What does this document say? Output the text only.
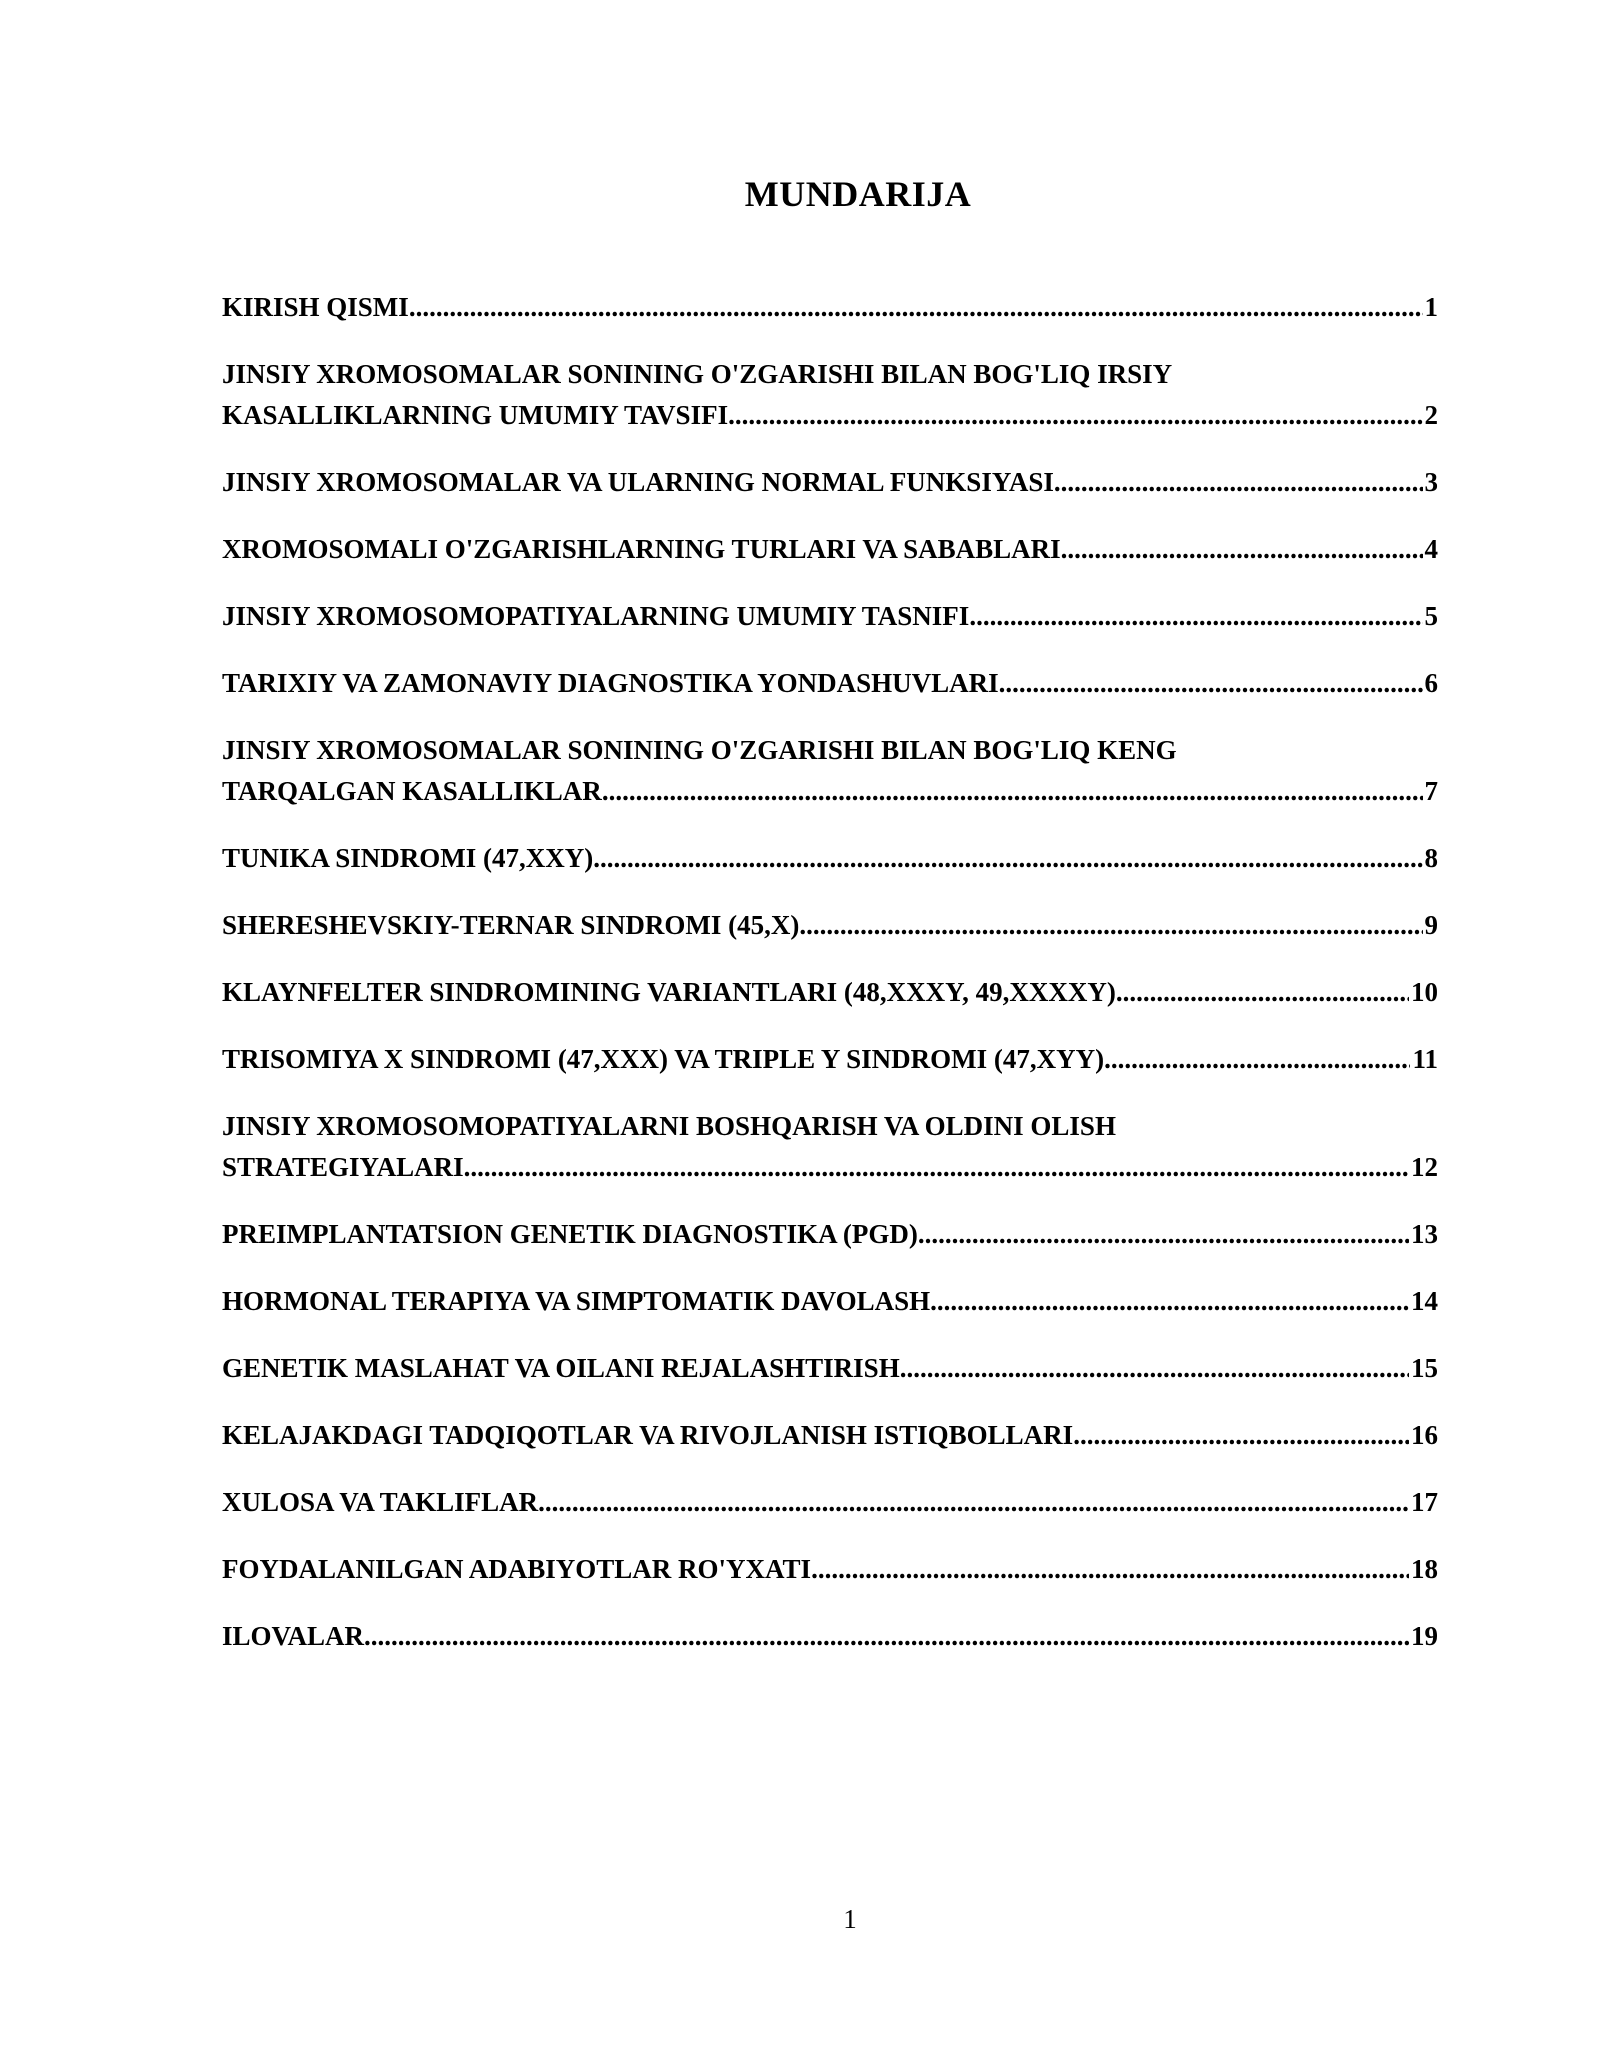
MUNDARIJA
KIRISH QISMI .....	1
JINSIY XROMOSOMALAR SONINING O'ZGARISHI BILAN BOG'LIQ IRSIY
KASALLIKLARNING UMUMIY TAVSIFI .....	2
JINSIY XROMOSOMALAR VA ULARNING NORMAL FUNKSIYASI .....	3
XROMOSOMALI O'ZGARISHLARNING TURLARI VA SABABLARI .....	4
JINSIY XROMOSOMOPATIYALARNING UMUMIY TASNIFI .....	5
TARIXIY VA ZAMONAVIY DIAGNOSTIKA YONDASHUVLARI .....	6
JINSIY XROMOSOMALAR SONINING O'ZGARISHI BILAN BOG'LIQ KENG
TARQALGAN KASALLIKLAR .....	7
TUNIKA SINDROMI (47,XXY) .....	8
SHERESHEVSKIY-TERNAR SINDROMI (45,X) .....	9
KLAYNFELTER SINDROMINING VARIANTLARI (48,XXXY, 49,XXXXY) .....	10
TRISOMIYA X SINDROMI (47,XXX) VA TRIPLE Y SINDROMI (47,XYY) .....	11
JINSIY XROMOSOMOPATIYALARNI BOSHQARISH VA OLDINI OLISH
STRATEGIYALARI .....	12
PREIMPLANTATSION GENETIK DIAGNOSTIKA (PGD) .....	13
HORMONAL TERAPIYA VA SIMPTOMATIK DAVOLASH .....	14
GENETIK MASLAHAT VA OILANI REJALASHTIRISH .....	15
KELAJAKDAGI TADQIQOTLAR VA RIVOJLANISH ISTIQBOLLARI .....	16
XULOSA VA TAKLIFLAR .....	17
FOYDALANILGAN ADABIYOTLAR RO'YXATI .....	18
ILOVALAR .....	19
1
